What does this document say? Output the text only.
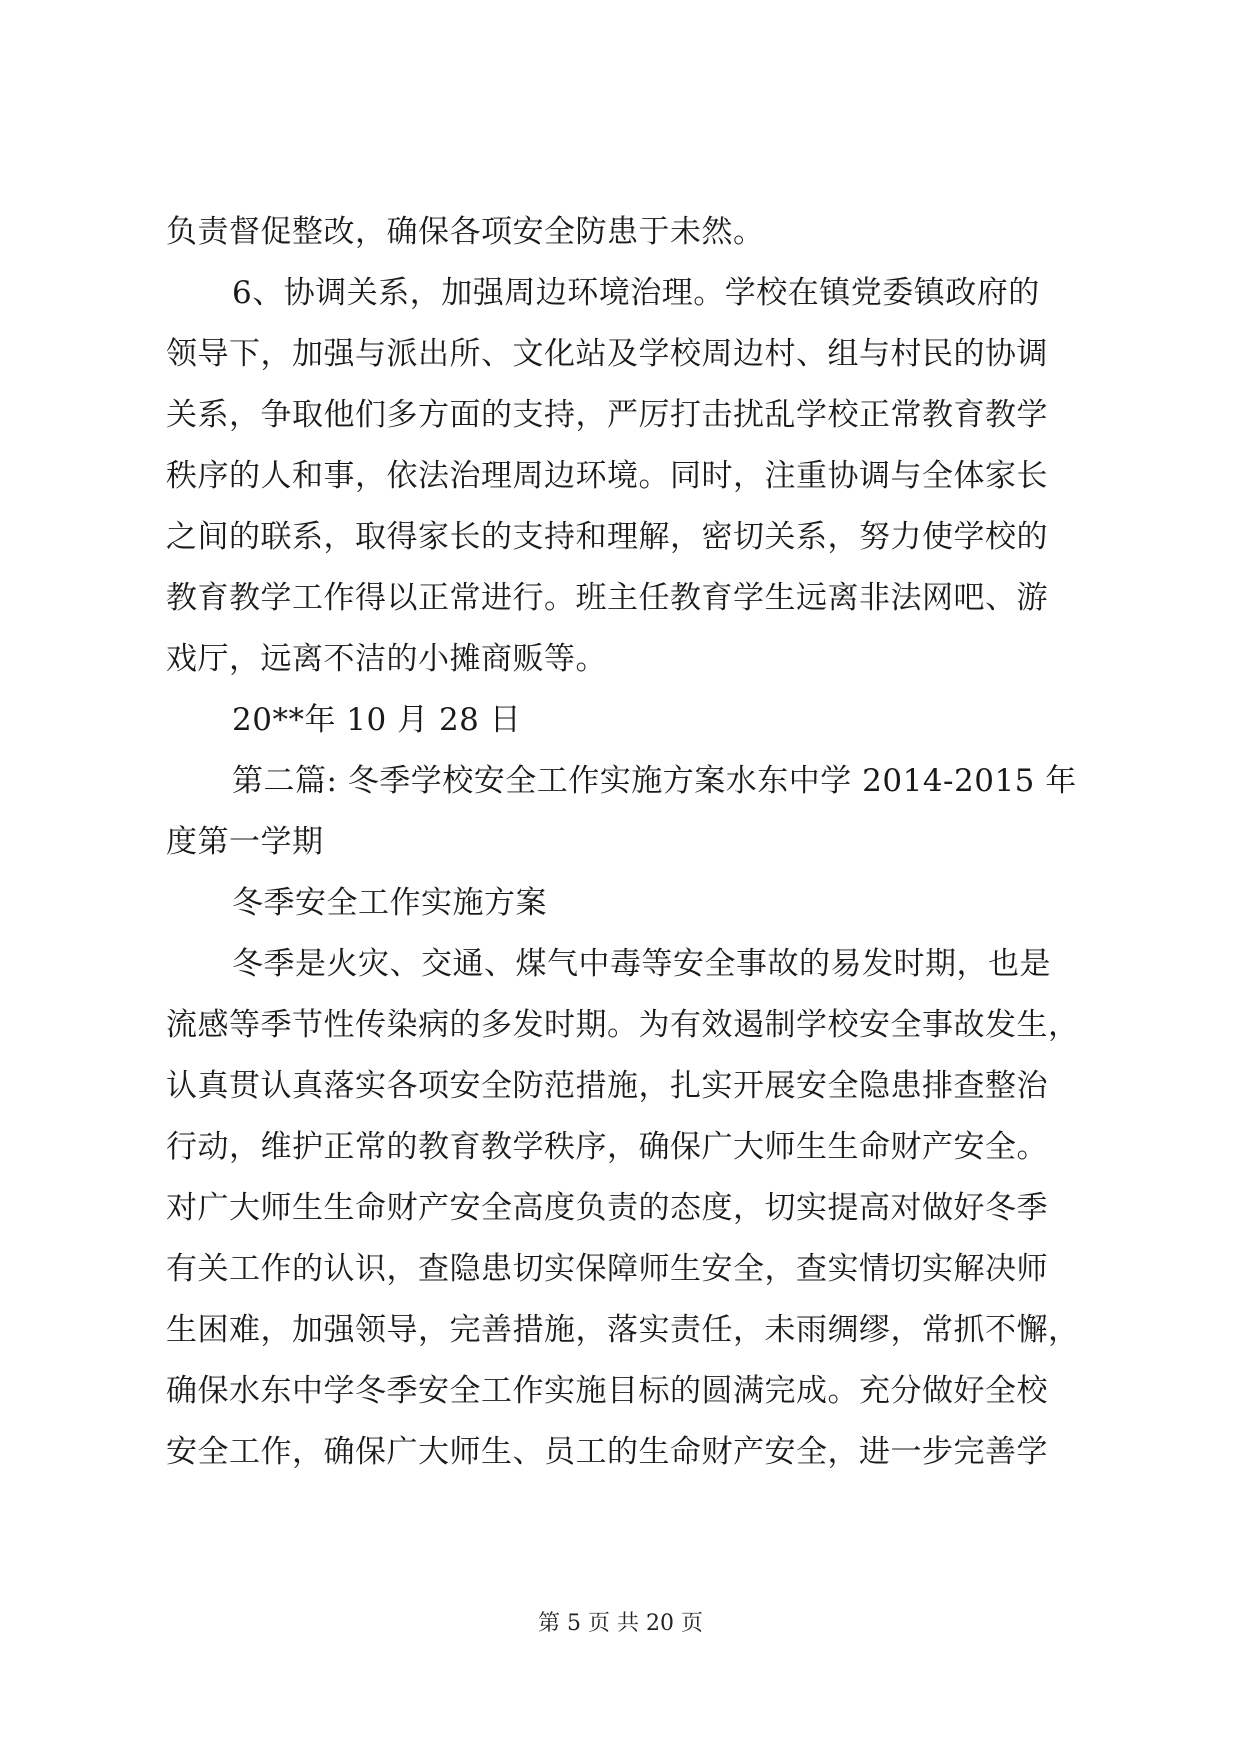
负责督促整改，确保各项安全防患于未然。
6、协调关系，加强周边环境治理。学校在镇党委镇政府的
领导下，加强与派出所、文化站及学校周边村、组与村民的协调
关系，争取他们多方面的支持，严厉打击扰乱学校正常教育教学
秩序的人和事，依法治理周边环境。同时，注重协调与全体家长
之间的联系，取得家长的支持和理解，密切关系，努力使学校的
教育教学工作得以正常进行。班主任教育学生远离非法网吧、游
戏厅，远离不洁的小摊商贩等。
20**年 10 月 28 日
第二篇: 冬季学校安全工作实施方案水东中学 2014-2015 年
度第一学期
冬季安全工作实施方案
冬季是火灾、交通、煤气中毒等安全事故的易发时期，也是
流感等季节性传染病的多发时期。为有效遏制学校安全事故发生，
认真贯认真落实各项安全防范措施，扎实开展安全隐患排查整治
行动，维护正常的教育教学秩序，确保广大师生生命财产安全。
对广大师生生命财产安全高度负责的态度，切实提高对做好冬季
有关工作的认识，查隐患切实保障师生安全，查实情切实解决师
生困难，加强领导，完善措施，落实责任，未雨绸缪，常抓不懈，
确保水东中学冬季安全工作实施目标的圆满完成。充分做好全校
安全工作，确保广大师生、员工的生命财产安全，进一步完善学
第 5 页 共 20 页
